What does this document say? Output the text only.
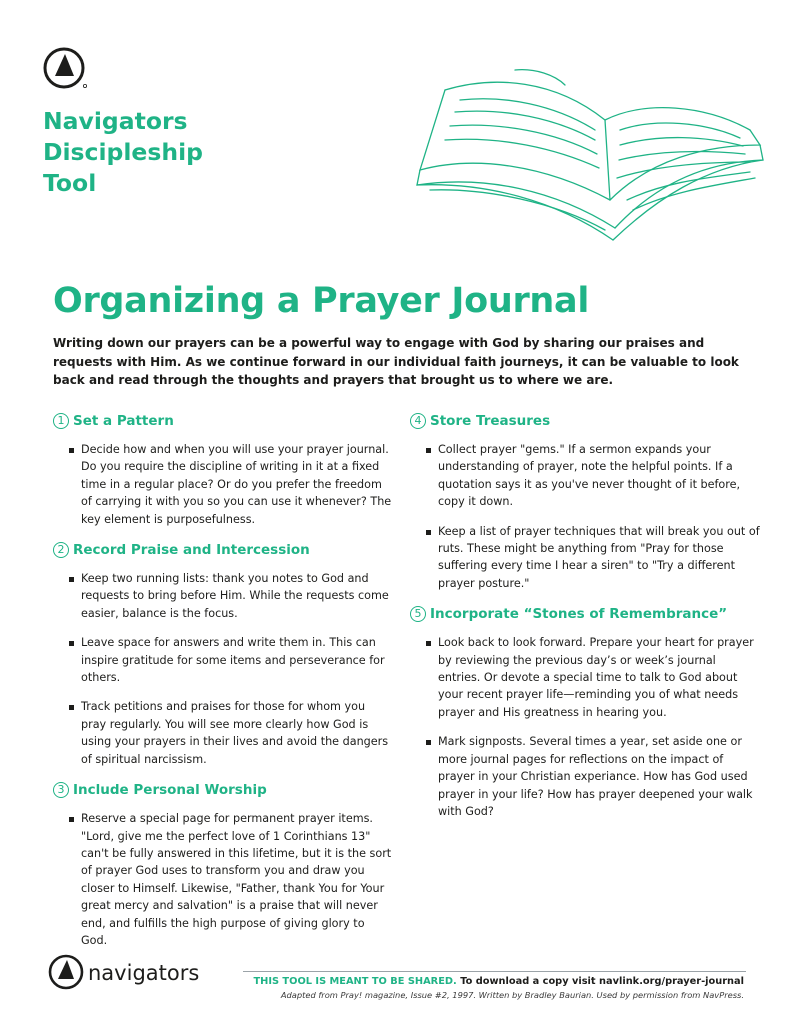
Navigators
Discipleship
Tool
Organizing a Prayer Journal
Writing down our prayers can be a powerful way to engage with God by sharing our praises and requests with Him. As we continue forward in our individual faith journeys, it can be valuable to look back and read through the thoughts and prayers that brought us to where we are.
1 Set a Pattern
Decide how and when you will use your prayer journal. Do you require the discipline of writing in it at a fixed time in a regular place? Or do you prefer the freedom of carrying it with you so you can use it whenever? The key element is purposefulness.
2 Record Praise and Intercession
Keep two running lists: thank you notes to God and requests to bring before Him. While the requests come easier, balance is the focus.
Leave space for answers and write them in. This can inspire gratitude for some items and perseverance for others.
Track petitions and praises for those for whom you pray regularly. You will see more clearly how God is using your prayers in their lives and avoid the dangers of spiritual narcissism.
3 Include Personal Worship
Reserve a special page for permanent prayer items. "Lord, give me the perfect love of 1 Corinthians 13" can't be fully answered in this lifetime, but it is the sort of prayer God uses to transform you and draw you closer to Himself. Likewise, "Father, thank You for Your great mercy and salvation" is a praise that will never end, and fulfills the high purpose of giving glory to God.
4 Store Treasures
Collect prayer "gems." If a sermon expands your understanding of prayer, note the helpful points. If a quotation says it as you've never thought of it before, copy it down.
Keep a list of prayer techniques that will break you out of ruts. These might be anything from "Pray for those suffering every time I hear a siren" to "Try a different prayer posture."
5 Incorporate “Stones of Remembrance”
Look back to look forward. Prepare your heart for prayer by reviewing the previous day’s or week’s journal entries. Or devote a special time to talk to God about your recent prayer life—reminding you of what needs prayer and His greatness in hearing you.
Mark signposts. Several times a year, set aside one or more journal pages for reflections on the impact of prayer in your Christian experiance. How has God used prayer in your life? How has prayer deepened your walk with God?
navigators	THIS TOOL IS MEANT TO BE SHARED. To download a copy visit navlink.org/prayer-journal
Adapted from Pray! magazine, Issue #2, 1997. Written by Bradley Baurian. Used by permission from NavPress.
